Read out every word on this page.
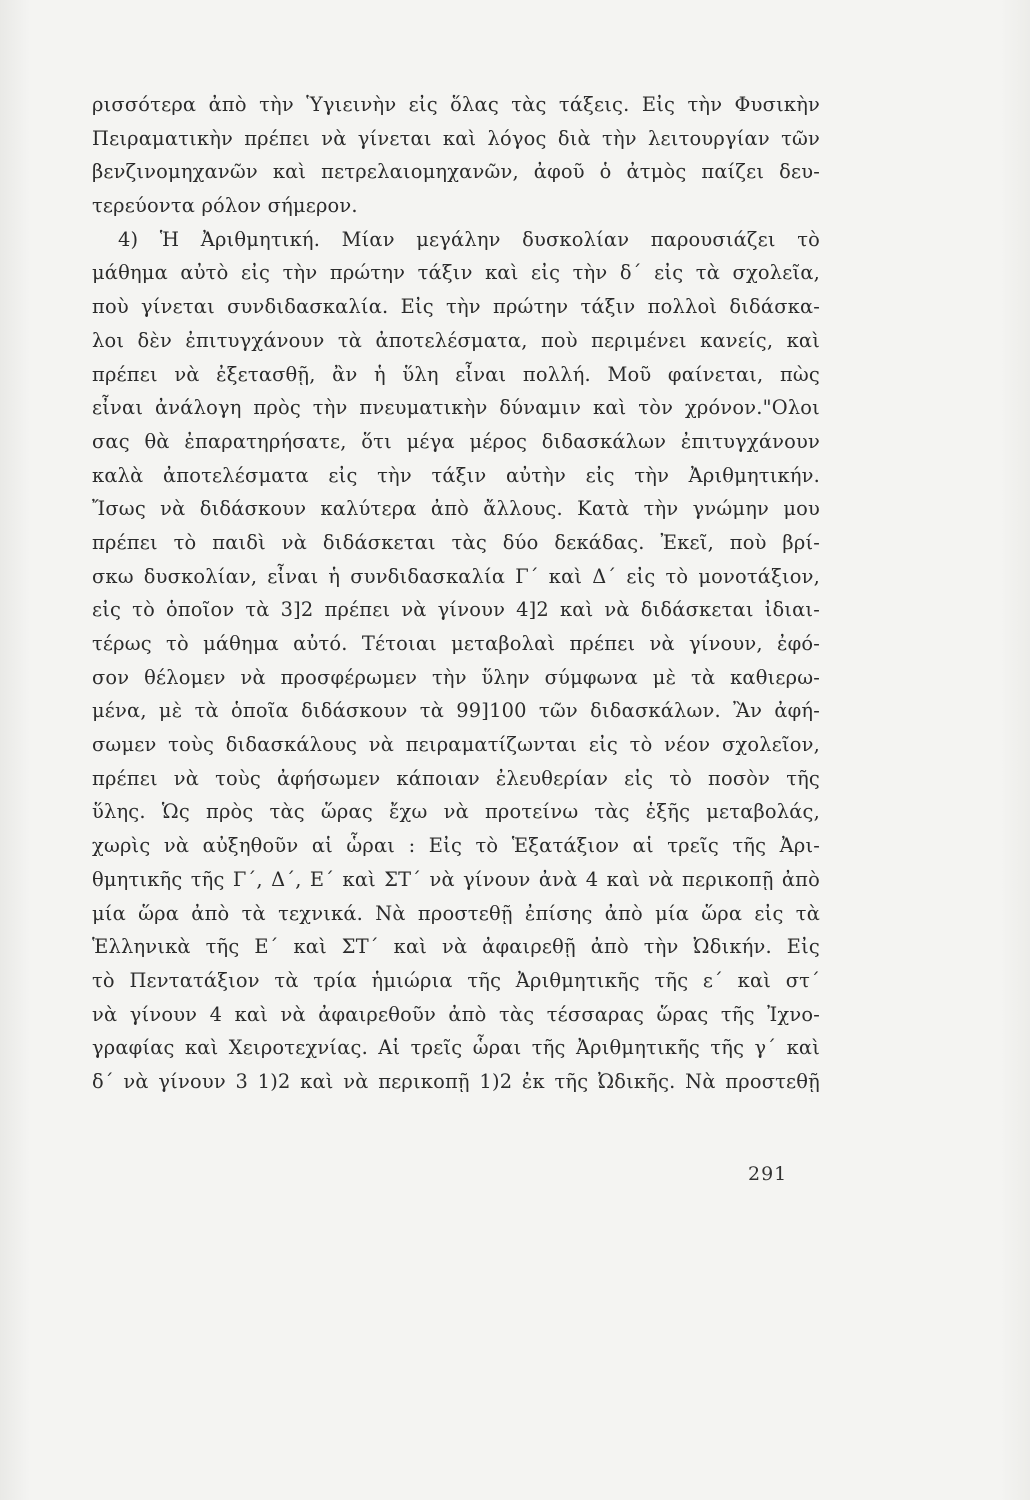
ρισσότερα ἀπὸ τὴν Ὑγιεινὴν εἰς ὅλας τὰς τάξεις. Εἰς τὴν Φυσικὴν
Πειραματικὴν πρέπει νὰ γίνεται καὶ λόγος διὰ τὴν λειτουργίαν τῶν
βενζινομηχανῶν καὶ πετρελαιομηχανῶν, ἀφοῦ ὁ ἀτμὸς παίζει δευ-
τερεύοντα ρόλον σήμερον.
4) Ἡ Ἀριθμητική. Μίαν μεγάλην δυσκολίαν παρουσιάζει τὸ
μάθημα αὐτὸ εἰς τὴν πρώτην τάξιν καὶ εἰς τὴν δ΄ εἰς τὰ σχολεῖα,
ποὺ γίνεται συνδιδασκαλία. Εἰς τὴν πρώτην τάξιν πολλοὶ διδάσκα-
λοι δὲν ἐπιτυγχάνουν τὰ ἀποτελέσματα, ποὺ περιμένει κανείς, καὶ
πρέπει νὰ ἐξετασθῇ, ἂν ἡ ὕλη εἶναι πολλή. Μοῦ φαίνεται, πὼς
εἶναι ἀνάλογη πρὸς τὴν πνευματικὴν δύναμιν καὶ τὸν χρόνον."Ολοι
σας θὰ ἐπαρατηρήσατε, ὅτι μέγα μέρος διδασκάλων ἐπιτυγχάνουν
καλὰ ἀποτελέσματα εἰς τὴν τάξιν αὐτὴν εἰς τὴν Ἀριθμητικήν.
Ἴσως νὰ διδάσκουν καλύτερα ἀπὸ ἄλλους. Κατὰ τὴν γνώμην μου
πρέπει τὸ παιδὶ νὰ διδάσκεται τὰς δύο δεκάδας. Ἐκεῖ, ποὺ βρί-
σκω δυσκολίαν, εἶναι ἡ συνδιδασκαλία Γ΄ καὶ Δ΄ εἰς τὸ μονοτάξιον,
εἰς τὸ ὁποῖον τὰ 3]2 πρέπει νὰ γίνουν 4]2 καὶ νὰ διδάσκεται ἰδιαι-
τέρως τὸ μάθημα αὐτό. Τέτοιαι μεταβολαὶ πρέπει νὰ γίνουν, ἐφό-
σον θέλομεν νὰ προσφέρωμεν τὴν ὕλην σύμφωνα μὲ τὰ καθιερω-
μένα, μὲ τὰ ὁποῖα διδάσκουν τὰ 99]100 τῶν διδασκάλων. Ἂν ἀφή-
σωμεν τοὺς διδασκάλους νὰ πειραματίζωνται εἰς τὸ νέον σχολεῖον,
πρέπει νὰ τοὺς ἀφήσωμεν κάποιαν ἐλευθερίαν εἰς τὸ ποσὸν τῆς
ὕλης. Ὡς πρὸς τὰς ὥρας ἔχω νὰ προτείνω τὰς ἑξῆς μεταβολάς,
χωρὶς νὰ αὐξηθοῦν αἱ ὧραι : Εἰς τὸ Ἑξατάξιον αἱ τρεῖς τῆς Ἀρι-
θμητικῆς τῆς Γ΄, Δ΄, Ε΄ καὶ ΣΤ΄ νὰ γίνουν ἀνὰ 4 καὶ νὰ περικοπῇ ἀπὸ
μία ὥρα ἀπὸ τὰ τεχνικά. Νὰ προστεθῇ ἐπίσης ἀπὸ μία ὥρα εἰς τὰ
Ἑλληνικὰ τῆς Ε΄ καὶ ΣΤ΄ καὶ νὰ ἀφαιρεθῇ ἀπὸ τὴν Ὠδικήν. Εἰς
τὸ Πεντατάξιον τὰ τρία ἡμιώρια τῆς Ἀριθμητικῆς τῆς ε΄ καὶ στ΄
νὰ γίνουν 4 καὶ νὰ ἀφαιρεθοῦν ἀπὸ τὰς τέσσαρας ὥρας τῆς Ἰχνο-
γραφίας καὶ Χειροτεχνίας. Αἱ τρεῖς ὧραι τῆς Ἀριθμητικῆς τῆς γ΄ καὶ
δ΄ νὰ γίνουν 3 1)2 καὶ νὰ περικοπῇ 1)2 ἐκ τῆς Ὠδικῆς. Νὰ προστεθῇ
291
